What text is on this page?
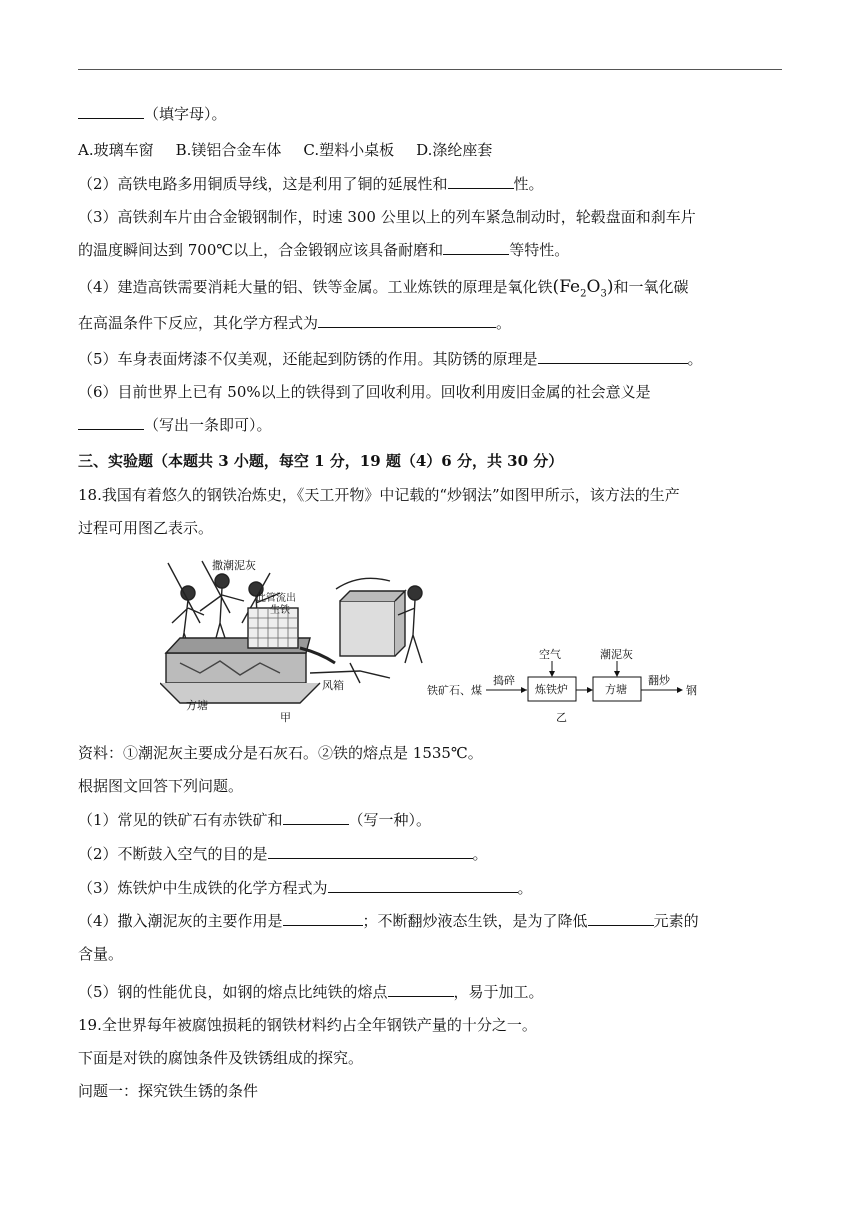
（填字母）。
A.玻璃车窗 B.镁铝合金车体 C.塑料小桌板 D.涤纶座套
（2）高铁电路多用铜质导线，这是利用了铜的延展性和	性。
（3）高铁刹车片由合金锻钢制作，时速 300 公里以上的列车紧急制动时，轮毂盘面和刹车片
的温度瞬间达到 700℃以上，合金锻钢应该具备耐磨和	等特性。
（4）建造高铁需要消耗大量的铝、铁等金属。工业炼铁的原理是氧化铁$(Fe_2O_3)$和一氧化碳
在高温条件下反应，其化学方程式为	。
（5）车身表面烤漆不仅美观，还能起到防锈的作用。其防锈的原理是	。
（6）目前世界上已有 50%以上的铁得到了回收利用。回收利用废旧金属的社会意义是
（写出一条即可）。
三、实验题（本题共 3 小题，每空 1 分，19 题（4）6 分，共 30 分）
18.我国有着悠久的钢铁冶炼史，《天工开物》中记载的“炒钢法”如图甲所示，该方法的生产
过程可用图乙表示。
撒潮泥灰
此管流出
生铁
风箱
方塘
甲
铁矿石、煤
捣碎
炼铁炉
空气
方塘
潮泥灰
翻炒
钢
乙
资料：①潮泥灰主要成分是石灰石。②铁的熔点是 1535℃。
根据图文回答下列问题。
（1）常见的铁矿石有赤铁矿和	（写一种）。
（2）不断鼓入空气的目的是	。
（3）炼铁炉中生成铁的化学方程式为	。
（4）撒入潮泥灰的主要作用是	；不断翻炒液态生铁，是为了降低	元素的
含量。
（5）钢的性能优良，如钢的熔点比纯铁的熔点	，易于加工。
19.全世界每年被腐蚀损耗的钢铁材料约占全年钢铁产量的十分之一。
下面是对铁的腐蚀条件及铁锈组成的探究。
问题一：探究铁生锈的条件
